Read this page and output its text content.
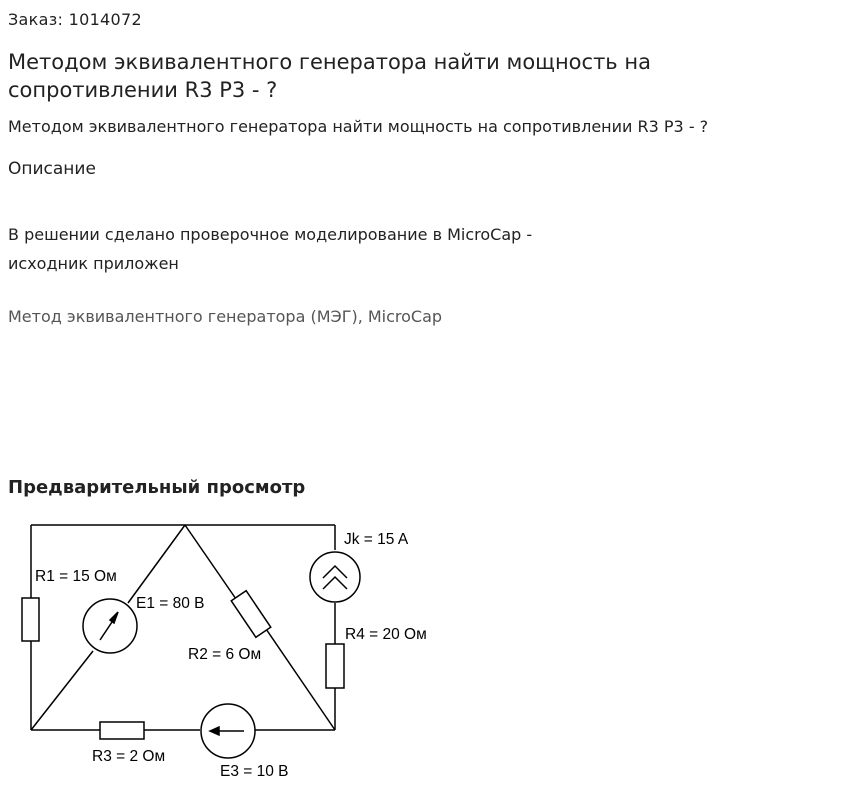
Заказ: 1014072
Методом эквивалентного генератора найти мощность на сопротивлении R3 P3 - ?
Методом эквивалентного генератора найти мощность на сопротивлении R3 P3 - ?
Описание
В решении сделано проверочное моделирование в MicroCap - исходник приложен
Метод эквивалентного генератора (МЭГ), MicroCap
Предварительный просмотр
R1 = 15 Ом
E1 = 80 В
R2 = 6 Ом
Jk = 15 A
R4 = 20 Ом
R3 = 2 Ом
E3 = 10 В
